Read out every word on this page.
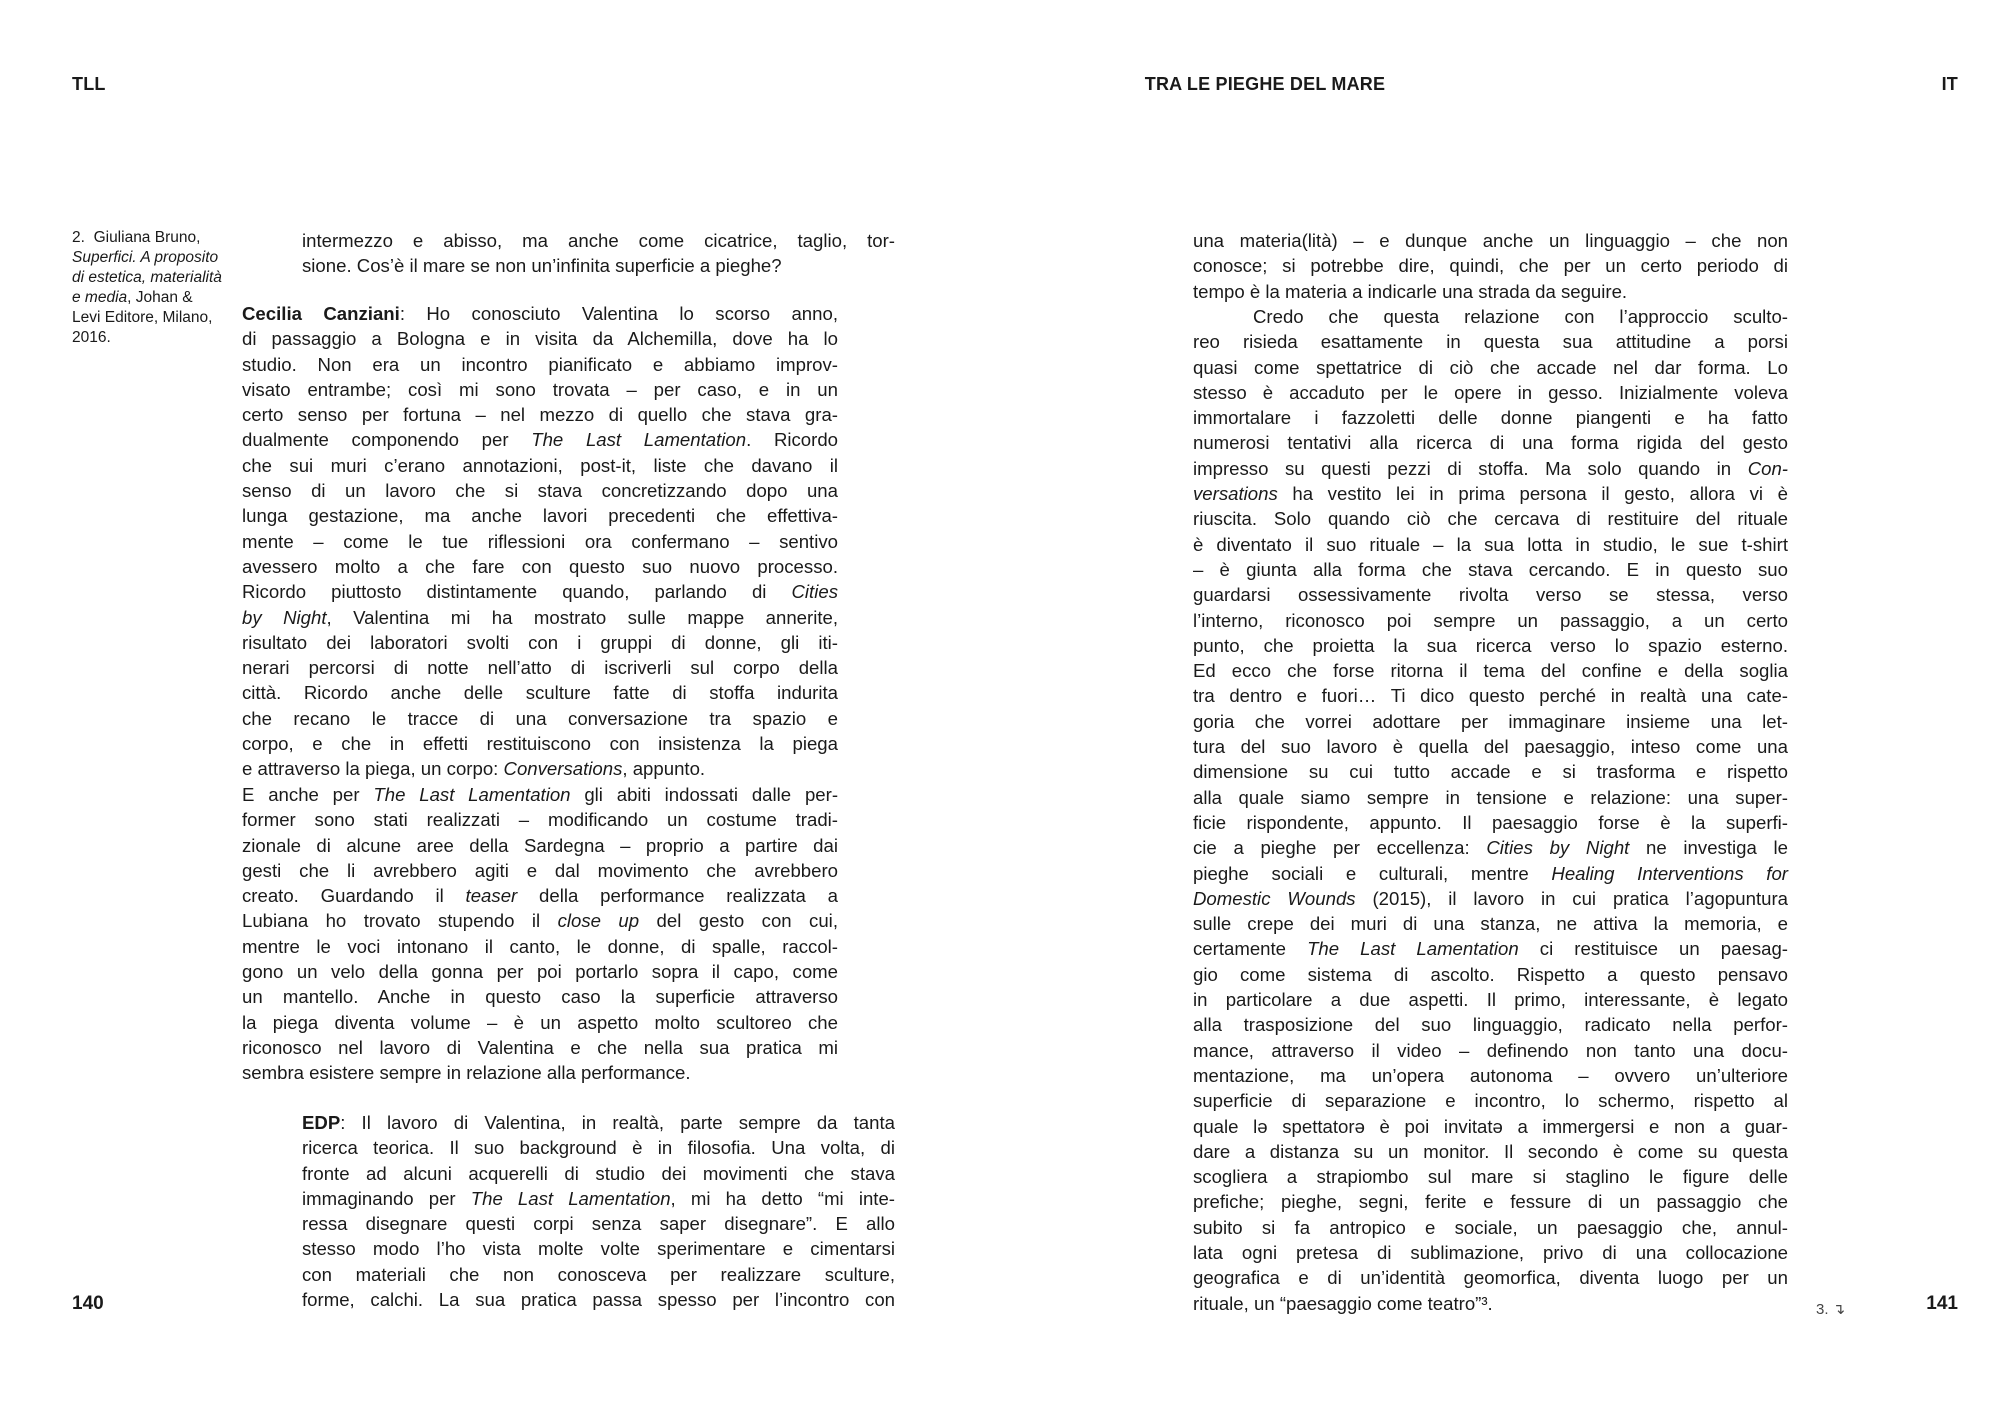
TLL	TRA LE PIEGHE DEL MARE	IT
2. Giuliana Bruno, Superfici. A proposito di estetica, materialità e media, Johan & Levi Editore, Milano, 2016.
intermezzo e abisso, ma anche come cicatrice, taglio, tor-
sione. Cos’è il mare se non un’infinita superficie a pieghe?
Cecilia Canziani: Ho conosciuto Valentina lo scorso anno,
di passaggio a Bologna e in visita da Alchemilla, dove ha lo
studio. Non era un incontro pianificato e abbiamo improv-
visato entrambe; così mi sono trovata – per caso, e in un
certo senso per fortuna – nel mezzo di quello che stava gra-
dualmente componendo per The Last Lamentation. Ricordo
che sui muri c’erano annotazioni, post-it, liste che davano il
senso di un lavoro che si stava concretizzando dopo una
lunga gestazione, ma anche lavori precedenti che effettiva-
mente – come le tue riflessioni ora confermano – sentivo
avessero molto a che fare con questo suo nuovo processo.
Ricordo piuttosto distintamente quando, parlando di Cities
by Night, Valentina mi ha mostrato sulle mappe annerite,
risultato dei laboratori svolti con i gruppi di donne, gli iti-
nerari percorsi di notte nell’atto di iscriverli sul corpo della
città. Ricordo anche delle sculture fatte di stoffa indurita
che recano le tracce di una conversazione tra spazio e
corpo, e che in effetti restituiscono con insistenza la piega
e attraverso la piega, un corpo: Conversations, appunto.
E anche per The Last Lamentation gli abiti indossati dalle per-
former sono stati realizzati – modificando un costume tradi-
zionale di alcune aree della Sardegna – proprio a partire dai
gesti che li avrebbero agiti e dal movimento che avrebbero
creato. Guardando il teaser della performance realizzata a
Lubiana ho trovato stupendo il close up del gesto con cui,
mentre le voci intonano il canto, le donne, di spalle, raccol-
gono un velo della gonna per poi portarlo sopra il capo, come
un mantello. Anche in questo caso la superficie attraverso
la piega diventa volume – è un aspetto molto scultoreo che
riconosco nel lavoro di Valentina e che nella sua pratica mi
sembra esistere sempre in relazione alla performance.
EDP: Il lavoro di Valentina, in realtà, parte sempre da tanta
ricerca teorica. Il suo background è in filosofia. Una volta, di
fronte ad alcuni acquerelli di studio dei movimenti che stava
immaginando per The Last Lamentation, mi ha detto “mi inte-
ressa disegnare questi corpi senza saper disegnare”. E allo
stesso modo l’ho vista molte volte sperimentare e cimentarsi
con materiali che non conosceva per realizzare sculture,
forme, calchi. La sua pratica passa spesso per l’incontro con
una materia(lità) – e dunque anche un linguaggio – che non
conosce; si potrebbe dire, quindi, che per un certo periodo di
tempo è la materia a indicarle una strada da seguire.
Credo che questa relazione con l’approccio sculto-
reo risieda esattamente in questa sua attitudine a porsi
quasi come spettatrice di ciò che accade nel dar forma. Lo
stesso è accaduto per le opere in gesso. Inizialmente voleva
immortalare i fazzoletti delle donne piangenti e ha fatto
numerosi tentativi alla ricerca di una forma rigida del gesto
impresso su questi pezzi di stoffa. Ma solo quando in Con-
versations ha vestito lei in prima persona il gesto, allora vi è
riuscita. Solo quando ciò che cercava di restituire del rituale
è diventato il suo rituale – la sua lotta in studio, le sue t-shirt
– è giunta alla forma che stava cercando. E in questo suo
guardarsi ossessivamente rivolta verso se stessa, verso
l’interno, riconosco poi sempre un passaggio, a un certo
punto, che proietta la sua ricerca verso lo spazio esterno.
Ed ecco che forse ritorna il tema del confine e della soglia
tra dentro e fuori… Ti dico questo perché in realtà una cate-
goria che vorrei adottare per immaginare insieme una let-
tura del suo lavoro è quella del paesaggio, inteso come una
dimensione su cui tutto accade e si trasforma e rispetto
alla quale siamo sempre in tensione e relazione: una super-
ficie rispondente, appunto. Il paesaggio forse è la superfi-
cie a pieghe per eccellenza: Cities by Night ne investiga le
pieghe sociali e culturali, mentre Healing Interventions for
Domestic Wounds (2015), il lavoro in cui pratica l’agopuntura
sulle crepe dei muri di una stanza, ne attiva la memoria, e
certamente The Last Lamentation ci restituisce un paesag-
gio come sistema di ascolto. Rispetto a questo pensavo
in particolare a due aspetti. Il primo, interessante, è legato
alla trasposizione del suo linguaggio, radicato nella perfor-
mance, attraverso il video – definendo non tanto una docu-
mentazione, ma un’opera autonoma – ovvero un’ulteriore
superficie di separazione e incontro, lo schermo, rispetto al
quale lə spettatorə è poi invitatə a immergersi e non a guar-
dare a distanza su un monitor. Il secondo è come su questa
scogliera a strapiombo sul mare si staglino le figure delle
prefiche; pieghe, segni, ferite e fessure di un passaggio che
subito si fa antropico e sociale, un paesaggio che, annul-
lata ogni pretesa di sublimazione, privo di una collocazione
geografica e di un’identità geomorfica, diventa luogo per un
rituale, un “paesaggio come teatro”³.	3. ↴
140	141
